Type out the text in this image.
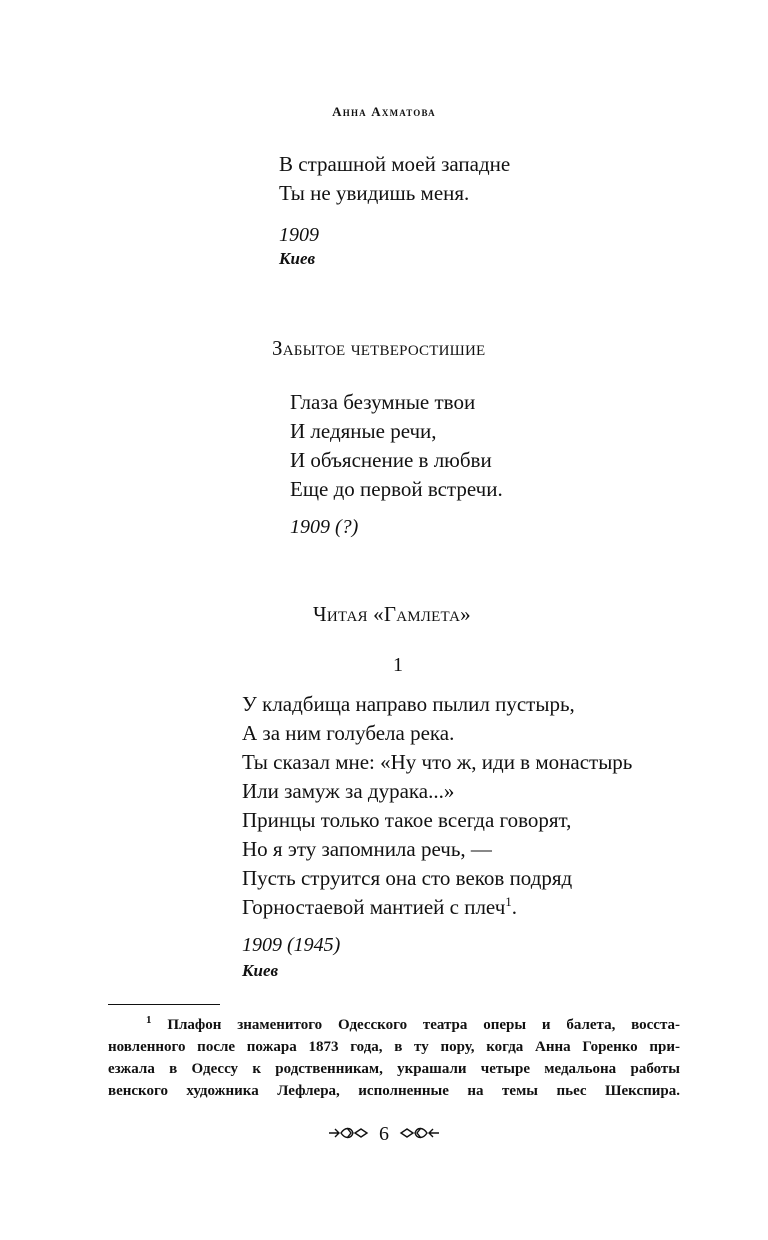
Анна Ахматова
В страшной моей западне
Ты не увидишь меня.
1909
Киев
Забытое четверостишие
Глаза безумные твои
И ледяные речи,
И объяснение в любви
Еще до первой встречи.
1909 (?)
Читая «Гамлета»
1
У кладбища направо пылил пустырь,
А за ним голубела река.
Ты сказал мне: «Ну что ж, иди в монастырь
Или замуж за дурака...»
Принцы только такое всегда говорят,
Но я эту запомнила речь, —
Пусть струится она сто веков подряд
Горностаевой мантией с плеч$^1$.
1909 (1945)
Киев
$^1$ Плафон знаменитого Одесского театра оперы и балета, восста-
новленного после пожара 1873 года, в ту пору, когда Анна Горенко при-
езжала в Одессу к родственникам, украшали четыре медальона работы
венского художника Лефлера, исполненные на темы пьес Шекспира.
6
